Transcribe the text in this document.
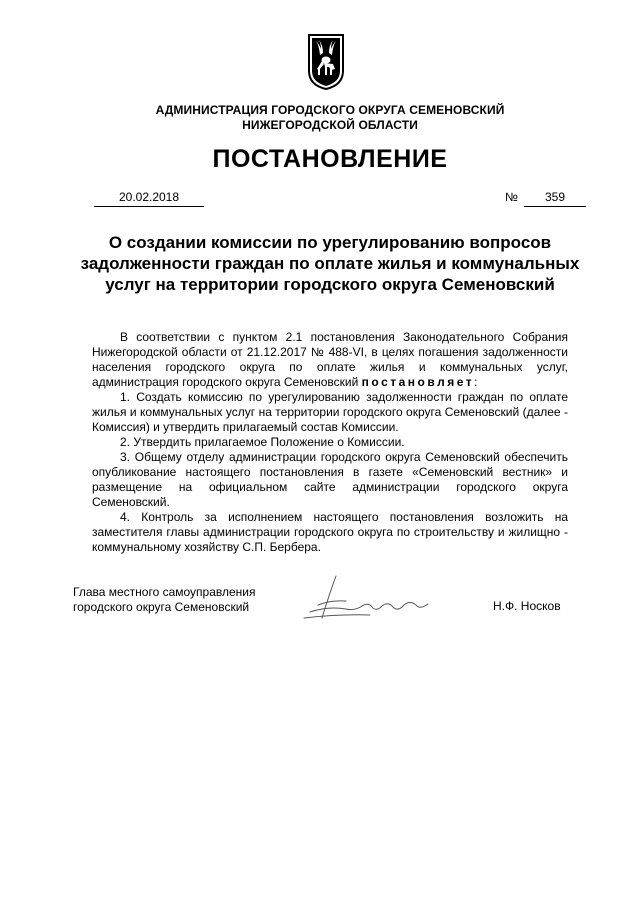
АДМИНИСТРАЦИЯ ГОРОДСКОГО ОКРУГА СЕМЕНОВСКИЙ
НИЖЕГОРОДСКОЙ ОБЛАСТИ
ПОСТАНОВЛЕНИЕ
20.02.2018	№	359
О создании комиссии по урегулированию вопросов
задолженности граждан по оплате жилья и коммунальных
услуг на территории городского округа Семеновский

В соответствии с пунктом 2.1 постановления Законодательного Собрания Нижегородской области от 21.12.2017 № 488-VI, в целях погашения задолженности населения городского округа по оплате жилья и коммунальных услуг, администрация городского округа Семеновский постановляет:

1. Создать комиссию по урегулированию задолженности граждан по оплате жилья и коммунальных услуг на территории городского округа Семеновский (далее - Комиссия) и утвердить прилагаемый состав Комиссии.

2. Утвердить прилагаемое Положение о Комиссии.

3. Общему отделу администрации городского округа Семеновский обеспечить опубликование настоящего постановления в газете «Семеновский вестник» и размещение на официальном сайте администрации городского округа Семеновский.

4. Контроль за исполнением настоящего постановления возложить на заместителя главы администрации городского округа по строительству и жилищно - коммунальному хозяйству С.П. Бербера.

Глава местного самоуправления
городского округа Семеновский	Н.Ф. Носков
